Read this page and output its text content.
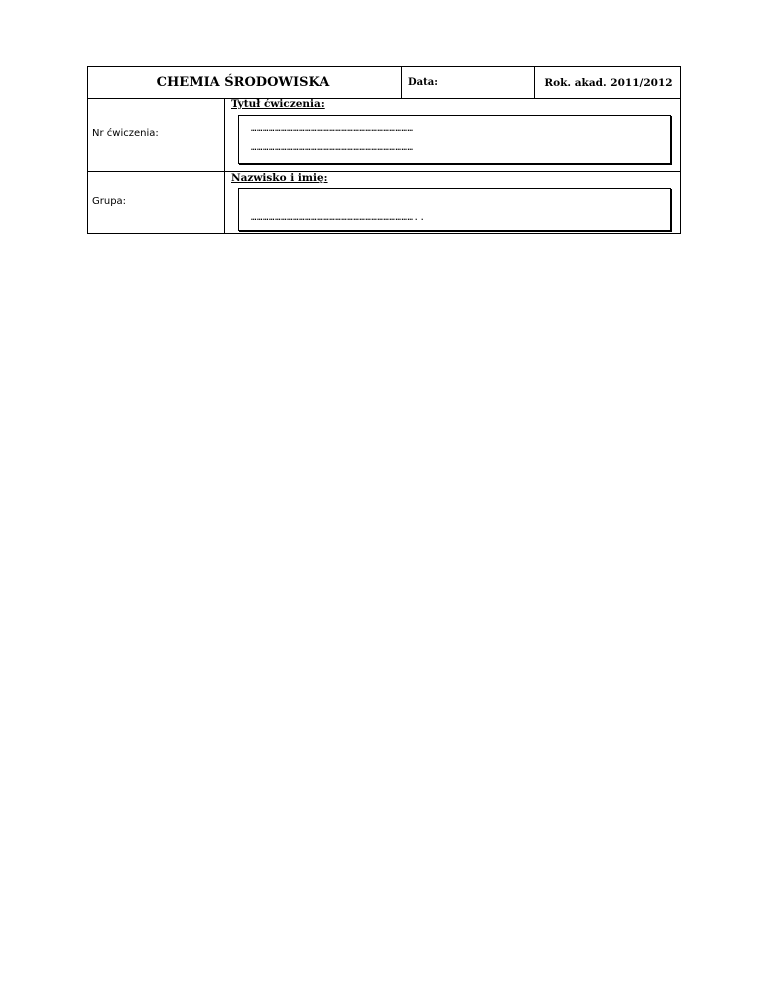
CHEMIA ŚRODOWISKA	Data:	Rok. akad. 2011/2012
Nr ćwiczenia:
Tytuł ćwiczenia:
………………………………………………………………………
………………………………………………………………………
Grupa:
Nazwisko i imię:
………………………………………………………………………..
